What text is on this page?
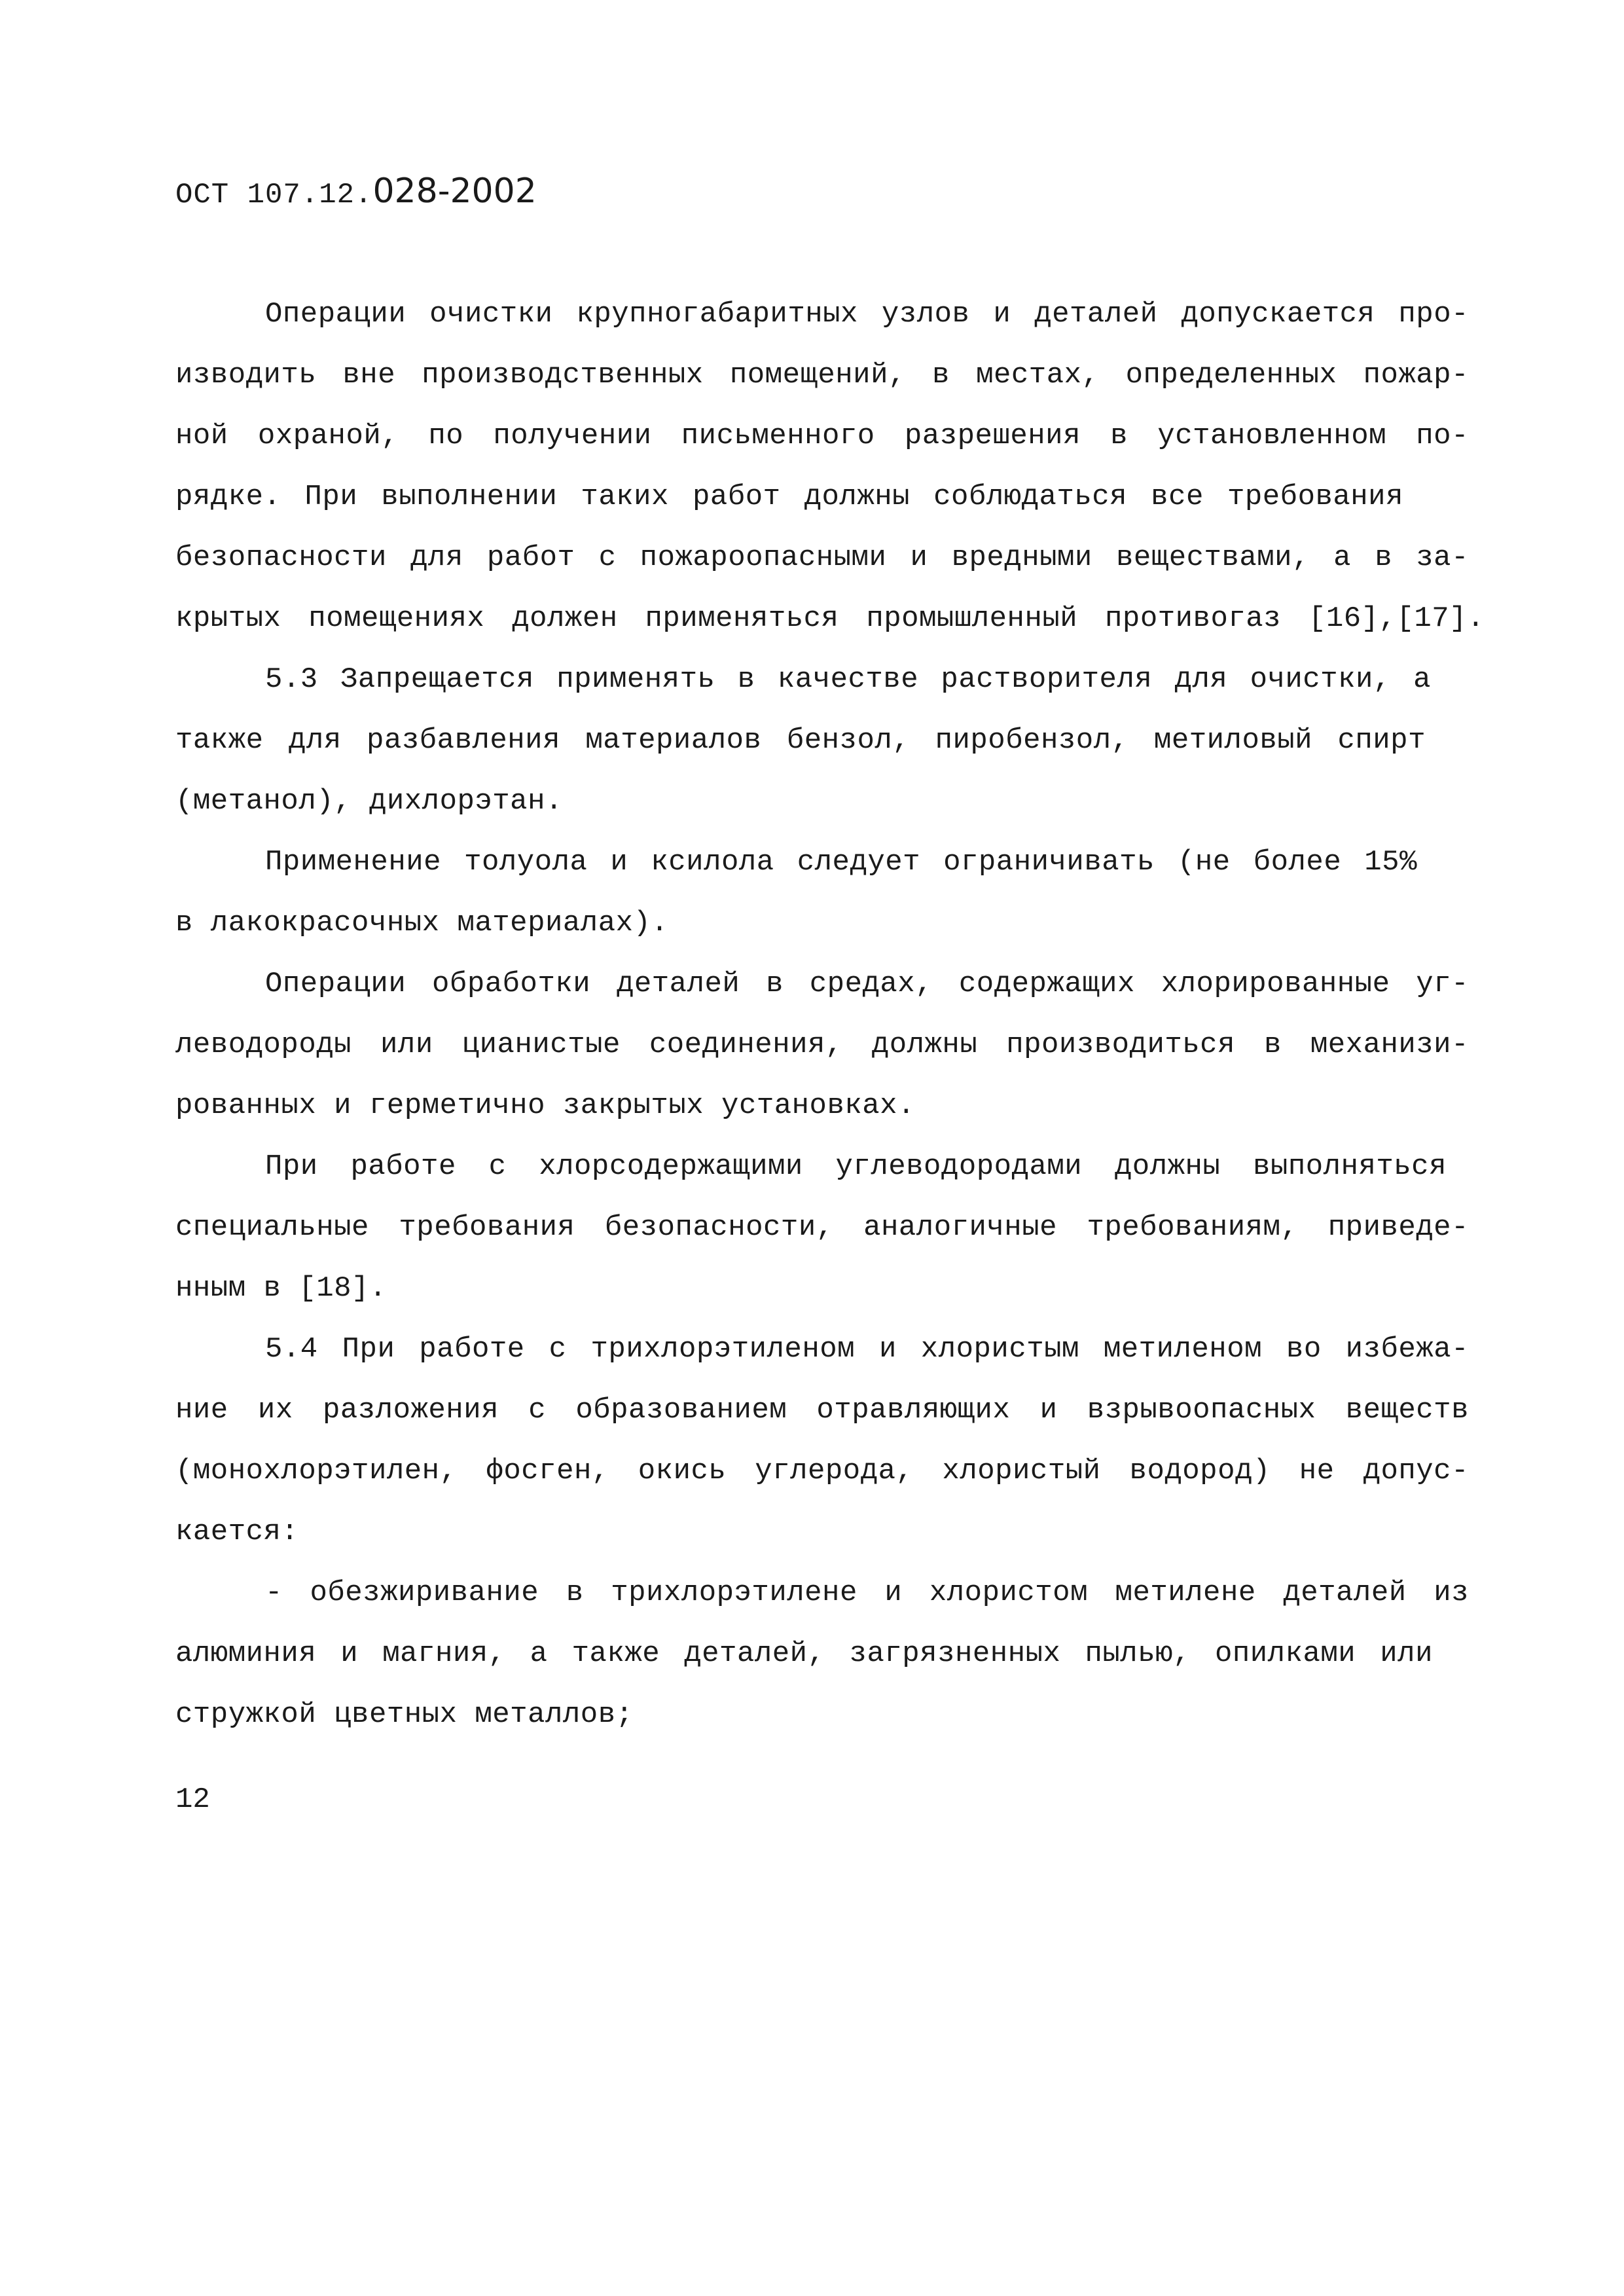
ОСТ 107.12.028-2002
Операции очистки крупногабаритных узлов и деталей допускается про-
изводить вне производственных помещений, в местах, определенных пожар-
ной охраной, по получении письменного разрешения в установленном по-
рядке. При выполнении таких работ должны соблюдаться все требования
безопасности для работ с пожароопасными и вредными веществами, а в за-
крытых помещениях должен применяться промышленный противогаз [16],[17].
5.3 Запрещается применять в качестве растворителя для очистки, а
также для разбавления материалов бензол, пиробензол, метиловый спирт
(метанол), дихлорэтан.
Применение толуола и ксилола следует ограничивать (не более 15%
в лакокрасочных материалах).
Операции обработки деталей в средах, содержащих хлорированные уг-
леводороды или цианистые соединения, должны производиться в механизи-
рованных и герметично закрытых установках.
При работе с хлорсодержащими углеводородами должны выполняться
специальные требования безопасности, аналогичные требованиям, приведе-
нным в [18].
5.4 При работе с трихлорэтиленом и хлористым метиленом во избежа-
ние их разложения с образованием отравляющих и взрывоопасных веществ
(монохлорэтилен, фосген, окись углерода, хлористый водород) не допус-
кается:
- обезжиривание в трихлорэтилене и хлористом метилене деталей из
алюминия и магния, а также деталей, загрязненных пылью, опилками или
стружкой цветных металлов;
12
